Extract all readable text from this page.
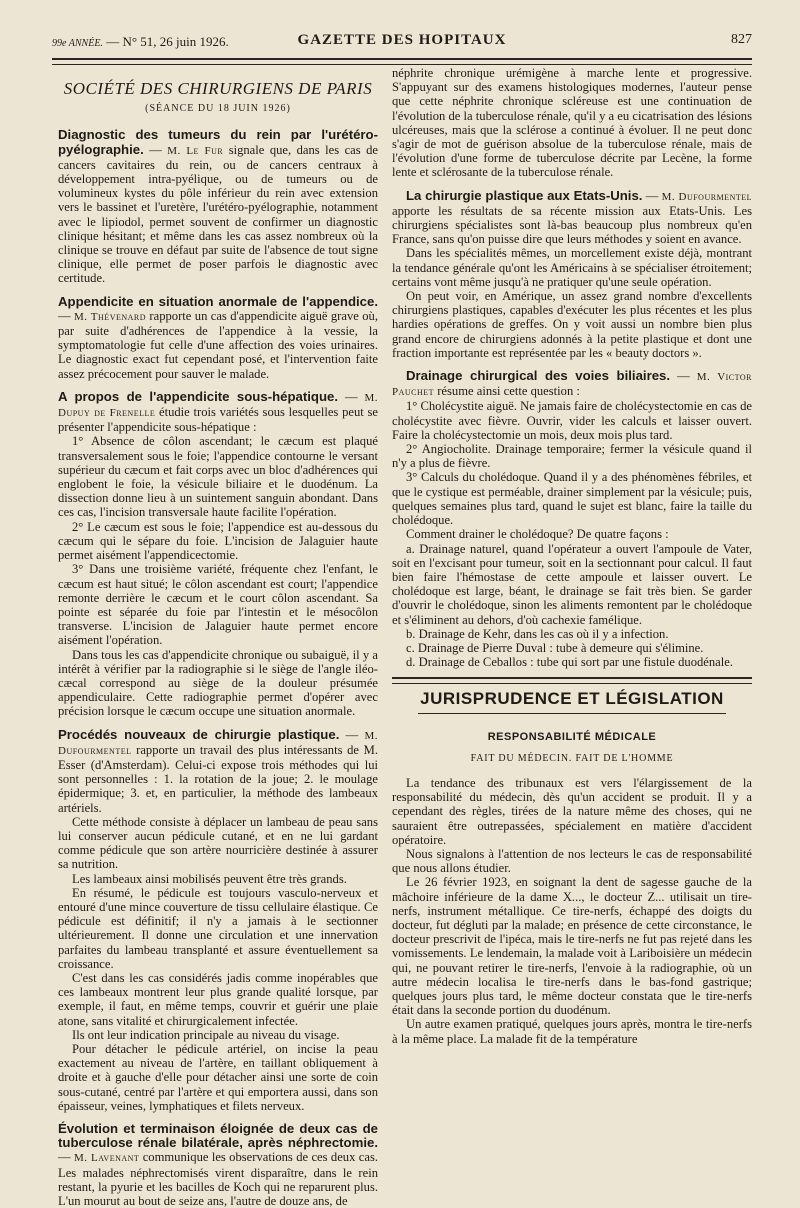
99e ANNÉE. — N° 51, 26 juin 1926.	GAZETTE DES HOPITAUX	827
SOCIÉTÉ DES CHIRURGIENS DE PARIS
(SÉANCE DU 18 JUIN 1926)

Diagnostic des tumeurs du rein par l'urétéro-pyélographie. — M. Le Fur signale que, dans les cas de cancers cavitaires du rein, ou de cancers centraux à développement intra-pyélique, ou de tumeurs ou de volumineux kystes du pôle inférieur du rein avec extension vers le bassinet et l'uretère, l'urétéro-pyélographie, notamment avec le lipiodol, permet souvent de confirmer un diagnostic clinique hésitant; et même dans les cas assez nombreux où la clinique se trouve en défaut par suite de l'absence de tout signe clinique, elle permet de poser parfois le diagnostic avec certitude.

Appendicite en situation anormale de l'appendice. — M. Thévenard rapporte un cas d'appendicite aiguë grave où, par suite d'adhérences de l'appendice à la vessie, la symptomatologie fut celle d'une affection des voies urinaires. Le diagnostic exact fut cependant posé, et l'intervention faite assez précocement pour sauver le malade.

A propos de l'appendicite sous-hépatique. — M. Dupuy de Frenelle étudie trois variétés sous lesquelles peut se présenter l'appendicite sous-hépatique :

1° Absence de côlon ascendant; le cæcum est plaqué transversalement sous le foie; l'appendice contourne le versant supérieur du cæcum et fait corps avec un bloc d'adhérences qui englobent le foie, la vésicule biliaire et le duodénum. La dissection donne lieu à un suintement sanguin abondant. Dans ces cas, l'incision transversale haute facilite l'opération.

2° Le cæcum est sous le foie; l'appendice est au-dessous du cæcum qui le sépare du foie. L'incision de Jalaguier haute permet aisément l'appendicectomie.

3° Dans une troisième variété, fréquente chez l'enfant, le cæcum est haut situé; le côlon ascendant est court; l'appendice remonte derrière le cæcum et le court côlon ascendant. Sa pointe est séparée du foie par l'intestin et le mésocôlon transverse. L'incision de Jalaguier haute permet encore aisément l'opération.

Dans tous les cas d'appendicite chronique ou subaiguë, il y a intérêt à vérifier par la radiographie si le siège de l'angle iléo-cæcal correspond au siège de la douleur présumée appendiculaire. Cette radiographie permet d'opérer avec précision lorsque le cæcum occupe une situation anormale.

Procédés nouveaux de chirurgie plastique. — M. Dufourmentel rapporte un travail des plus intéressants de M. Esser (d'Amsterdam). Celui-ci expose trois méthodes qui lui sont personnelles : 1. la rotation de la joue; 2. le moulage épidermique; 3. et, en particulier, la méthode des lambeaux artériels.

Cette méthode consiste à déplacer un lambeau de peau sans lui conserver aucun pédicule cutané, et en ne lui gardant comme pédicule que son artère nourricière destinée à assurer sa nutrition.

Les lambeaux ainsi mobilisés peuvent être très grands.

En résumé, le pédicule est toujours vasculo-nerveux et entouré d'une mince couverture de tissu cellulaire élastique. Ce pédicule est définitif; il n'y a jamais à le sectionner ultérieurement. Il donne une circulation et une innervation parfaites du lambeau transplanté et assure éventuellement sa croissance.

C'est dans les cas considérés jadis comme inopérables que ces lambeaux montrent leur plus grande qualité lorsque, par exemple, il faut, en même temps, couvrir et guérir une plaie atone, sans vitalité et chirurgicalement infectée.

Ils ont leur indication principale au niveau du visage.

Pour détacher le pédicule artériel, on incise la peau exactement au niveau de l'artère, en taillant obliquement à droite et à gauche d'elle pour détacher ainsi une sorte de coin sous-cutané, centré par l'artère et qui emportera aussi, dans son épaisseur, veines, lymphatiques et filets nerveux.

Évolution et terminaison éloignée de deux cas de tuberculose rénale bilatérale, après néphrectomie. — M. Lavenant communique les observations de ces deux cas. Les malades néphrectomisés virent disparaître, dans le rein restant, la pyurie et les bacilles de Koch qui ne reparurent plus. L'un mourut au bout de seize ans, l'autre de douze ans, de

néphrite chronique urémigène à marche lente et progressive. S'appuyant sur des examens histologiques modernes, l'auteur pense que cette néphrite chronique scléreuse est une continuation de l'évolution de la tuberculose rénale, qu'il y a eu cicatrisation des lésions ulcéreuses, mais que la sclérose a continué à évoluer. Il ne peut donc s'agir de mot de guérison absolue de la tuberculose rénale, mais de l'évolution d'une forme de tuberculose décrite par Lecène, la forme lente et sclérosante de la tuberculose rénale.

La chirurgie plastique aux Etats-Unis. — M. Dufourmentel apporte les résultats de sa récente mission aux Etats-Unis. Les chirurgiens spécialistes sont là-bas beaucoup plus nombreux qu'en France, sans qu'on puisse dire que leurs méthodes y soient en avance.

Dans les spécialités mêmes, un morcellement existe déjà, montrant la tendance générale qu'ont les Américains à se spécialiser étroitement; certains vont même jusqu'à ne pratiquer qu'une seule opération.

On peut voir, en Amérique, un assez grand nombre d'excellents chirurgiens plastiques, capables d'exécuter les plus récentes et les plus hardies opérations de greffes. On y voit aussi un nombre bien plus grand encore de chirurgiens adonnés à la petite plastique et dont une fraction importante est représentée par les « beauty doctors ».

Drainage chirurgical des voies biliaires. — M. Victor Pauchet résume ainsi cette question :

1° Cholécystite aiguë. Ne jamais faire de cholécystectomie en cas de cholécystite avec fièvre. Ouvrir, vider les calculs et laisser ouvert. Faire la cholécystectomie un mois, deux mois plus tard.

2° Angiocholite. Drainage temporaire; fermer la vésicule quand il n'y a plus de fièvre.

3° Calculs du cholédoque. Quand il y a des phénomènes fébriles, et que le cystique est perméable, drainer simplement par la vésicule; puis, quelques semaines plus tard, quand le sujet est blanc, faire la taille du cholédoque.

Comment drainer le cholédoque? De quatre façons :

a. Drainage naturel, quand l'opérateur a ouvert l'ampoule de Vater, soit en l'excisant pour tumeur, soit en la sectionnant pour calcul. Il faut bien faire l'hémostase de cette ampoule et laisser ouvert. Le cholédoque est large, béant, le drainage se fait très bien. Se garder d'ouvrir le cholédoque, sinon les aliments remontent par le cholédoque et s'éliminent au dehors, d'où cachexie famélique.

b. Drainage de Kehr, dans les cas où il y a infection.

c. Drainage de Pierre Duval : tube à demeure qui s'élimine.

d. Drainage de Ceballos : tube qui sort par une fistule duodénale.

JURISPRUDENCE ET LÉGISLATION
RESPONSABILITÉ MÉDICALE
FAIT DU MÉDECIN. FAIT DE L'HOMME

La tendance des tribunaux est vers l'élargissement de la responsabilité du médecin, dès qu'un accident se produit. Il y a cependant des règles, tirées de la nature même des choses, qui ne sauraient être outrepassées, spécialement en matière d'accident opératoire.

Nous signalons à l'attention de nos lecteurs le cas de responsabilité que nous allons étudier.

Le 26 février 1923, en soignant la dent de sagesse gauche de la mâchoire inférieure de la dame X..., le docteur Z... utilisait un tire-nerfs, instrument métallique. Ce tire-nerfs, échappé des doigts du docteur, fut dégluti par la malade; en présence de cette circonstance, le docteur prescrivit de l'ipéca, mais le tire-nerfs ne fut pas rejeté dans les vomissements. Le lendemain, la malade voit à Lariboisière un médecin qui, ne pouvant retirer le tire-nerfs, l'envoie à la radiographie, où un autre médecin localisa le tire-nerfs dans le bas-fond gastrique; quelques jours plus tard, le même docteur constata que le tire-nerfs était dans la seconde portion du duodénum.

Un autre examen pratiqué, quelques jours après, montra le tire-nerfs à la même place. La malade fit de la température
